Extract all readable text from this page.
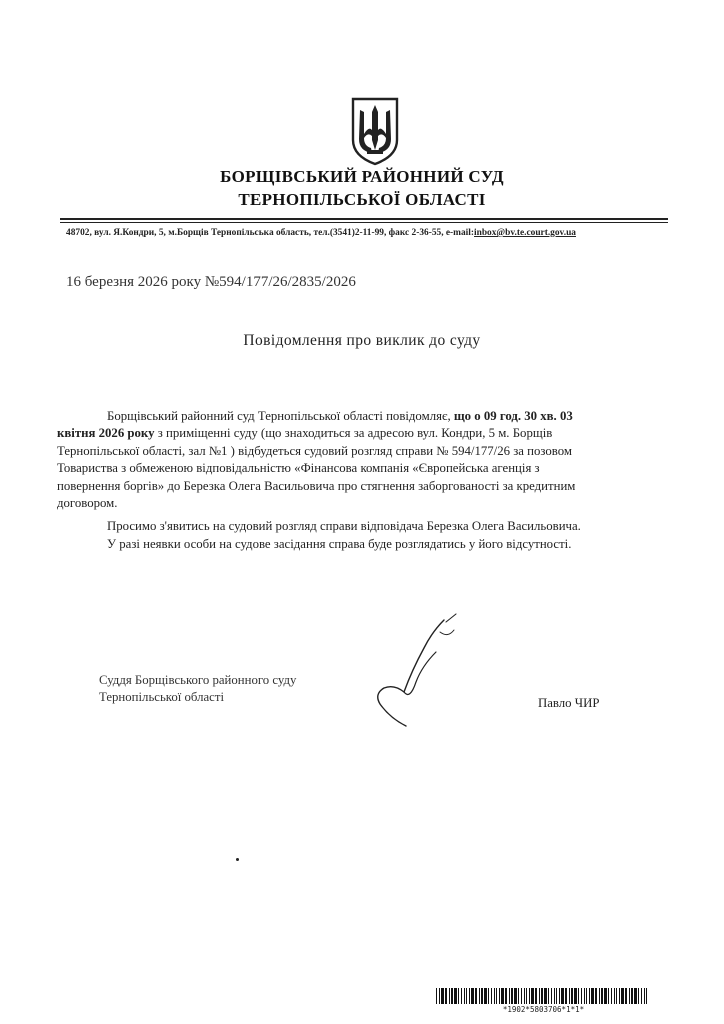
БОРЩІВСЬКИЙ РАЙОННИЙ СУД
ТЕРНОПІЛЬСЬКОЇ ОБЛАСТІ
48702, вул. Я.Кондри, 5, м.Борщів Тернопільська область, тел.(3541)2-11-99, факс 2-36-55, e-mail:inbox@bv.te.court.gov.ua
16 березня 2026 року №594/177/26/2835/2026
Повідомлення про виклик до суду
Борщівський районний суд Тернопільської області повідомляє, що о 09 год. 30 хв. 03
квітня 2026 року з приміщенні суду (що знаходиться за адресою вул. Кондри, 5 м. Борщів
Тернопільської області, зал №1 ) відбудеться судовий розгляд справи № 594/177/26 за позовом
Товариства з обмеженою відповідальністю «Фінансова компанія «Європейська агенція з
повернення боргів» до Березка Олега Васильовича про стягнення заборгованості за кредитним
договором.
Просимо з'явитись на судовий розгляд справи відповідача Березка Олега Васильовича.
У разі неявки особи на судове засідання справа буде розглядатись у його відсутності.
Суддя Борщівського районного суду
Тернопільської області	Павло ЧИР
*1902*5803706*1*1*
